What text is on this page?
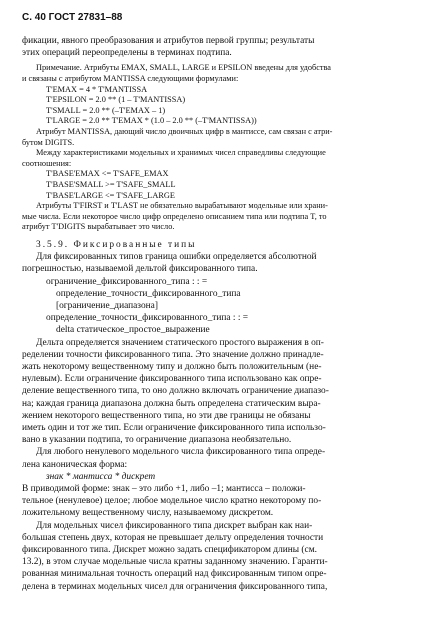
С. 40 ГОСТ 27831–88

фикации, явного преобразования и атрибутов первой группы; результаты

этих операций переопределены в терминах подтипа.

Примечание. Атрибуты EMAX, SMALL, LARGE и EPSILON введены для удобства

и связаны с атрибутом MANTISSA следующими формулами:

T'EMAX = 4 * T'MANTISSA

T'EPSILON = 2.0 ** (1 – T'MANTISSA)

T'SMALL = 2.0 ** (–T'EMAX – 1)

T'LARGE = 2.0 ** T'EMAX * (1.0 – 2.0 ** (–T'MANTISSA))

Атрибут MANTISSA, дающий число двоичных цифр в мантиссе, сам связан с атри-

бутом DIGITS.

Между характеристиками модельных и хранимых чисел справедливы следующие

соотношения:

T'BASE'EMAX <= T'SAFE_EMAX

T'BASE'SMALL >= T'SAFE_SMALL

T'BASE'LARGE <= T'SAFE_LARGE

Атрибуты T'FIRST и T'LAST не обязательно вырабатывают модельные или храни-

мые числа. Если некоторое число цифр определено описанием типа или подтипа T, то

атрибут T'DIGITS вырабатывает это число.

3.5.9. Фиксированные типы

Для фиксированных типов граница ошибки определяется абсолютной

погрешностью, называемой дельтой фиксированного типа.

ограничение_фиксированного_типа : : =

определение_точности_фиксированного_типа

[ограничение_диапазона]

определение_точности_фиксированного_типа : : =

delta статическое_простое_выражение

Дельта определяется значением статического простого выражения в оп-

ределении точности фиксированного типа. Это значение должно принадле-

жать некоторому вещественному типу и должно быть положительным (не-

нулевым). Если ограничение фиксированного типа использовано как опре-

деление вещественного типа, то оно должно включать ограничение диапазо-

на; каждая граница диапазона должна быть определена статическим выра-

жением некоторого вещественного типа, но эти две границы не обязаны

иметь один и тот же тип. Если ограничение фиксированного типа использо-

вано в указании подтипа, то ограничение диапазона необязательно.

Для любого ненулевого модельного числа фиксированного типа опреде-

лена каноническая форма:

знак * мантисса * дискрет

В приводимой форме: знак – это либо +1, либо –1; мантисса – положи-

тельное (ненулевое) целое; любое модельное число кратно некоторому по-

ложительному вещественному числу, называемому дискретом.

Для модельных чисел фиксированного типа дискрет выбран как наи-

большая степень двух, которая не превышает дельту определения точности

фиксированного типа. Дискрет можно задать спецификатором длины (см.

13.2), в этом случае модельные числа кратны заданному значению. Гаранти-

рованная минимальная точность операций над фиксированным типом опре-

делена в терминах модельных чисел для ограничения фиксированного типа,
